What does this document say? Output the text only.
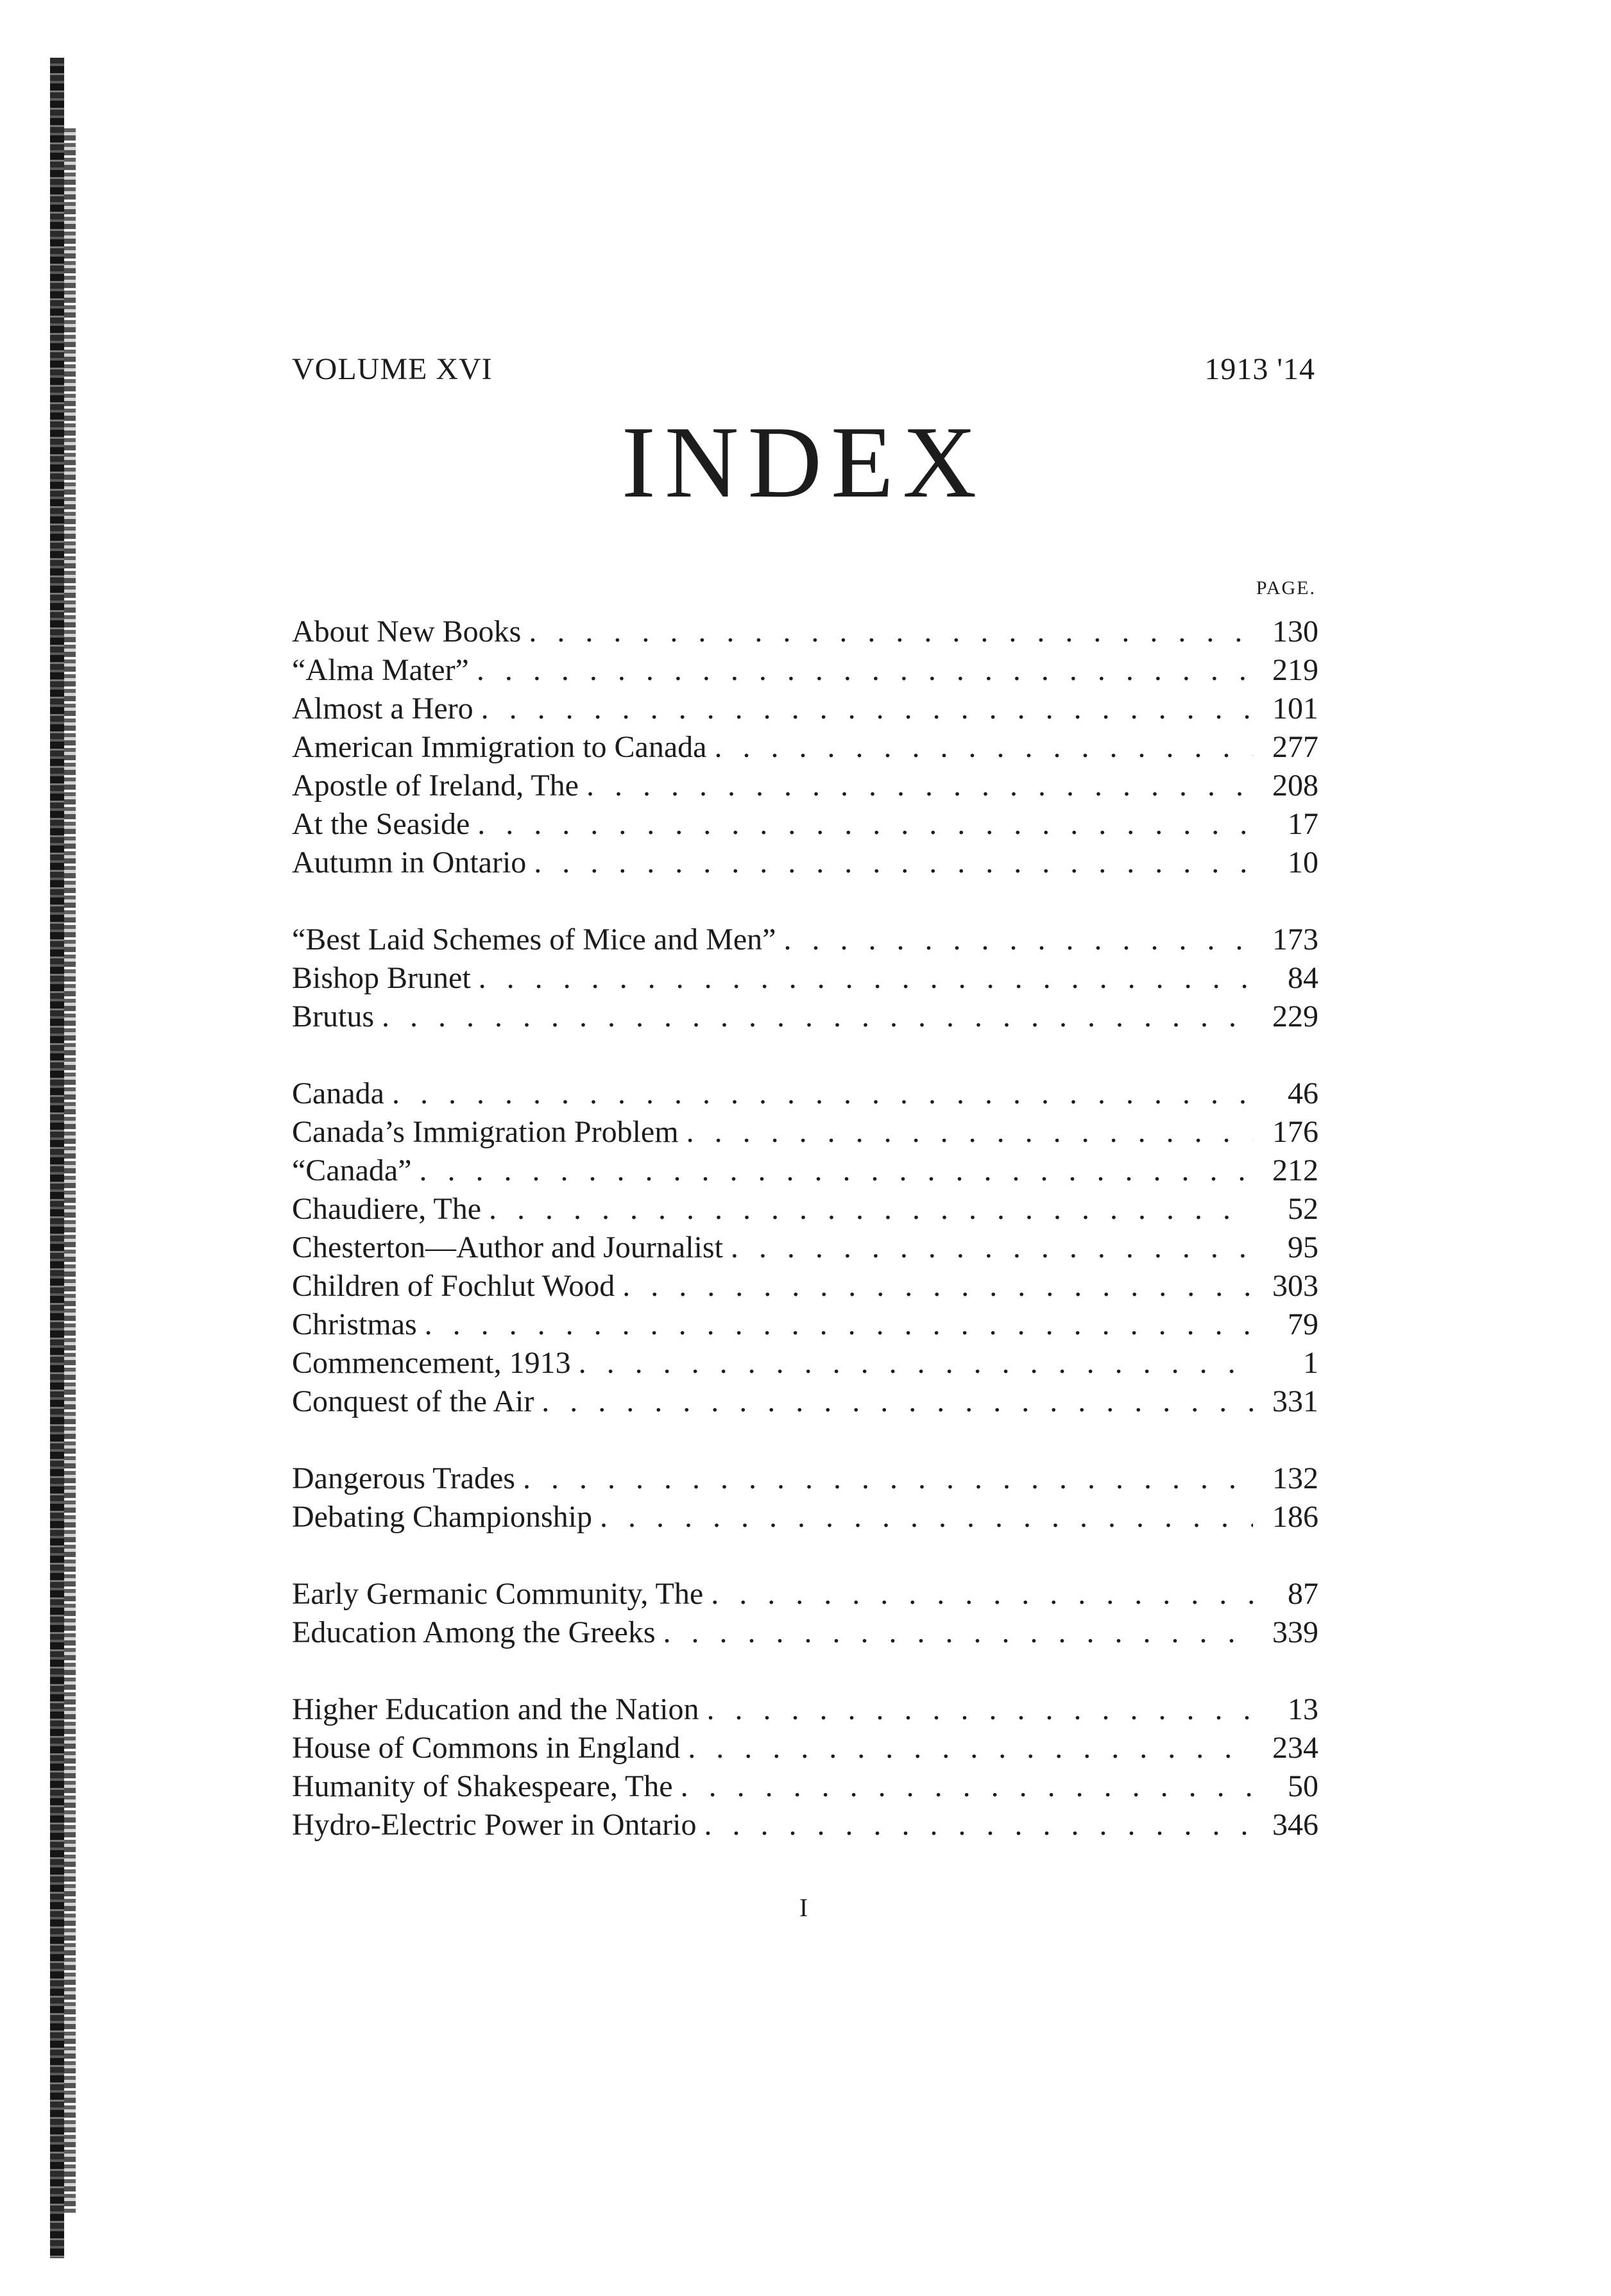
VOLUME XVI	1913 '14
INDEX
PAGE.
About New Books . . .	130
“Alma Mater” . . .	219
Almost a Hero . . .	101
American Immigration to Canada . . .	277
Apostle of Ireland, The . . .	208
At the Seaside . . .	17
Autumn in Ontario . . .	10
“Best Laid Schemes of Mice and Men” . . .	173
Bishop Brunet . . .	84
Brutus . . .	229
Canada . . .	46
Canada’s Immigration Problem . . .	176
“Canada” . . .	212
Chaudiere, The . . .	52
Chesterton—Author and Journalist . . .	95
Children of Fochlut Wood . . .	303
Christmas . . .	79
Commencement, 1913 . . .	1
Conquest of the Air . . .	331
Dangerous Trades . . .	132
Debating Championship . . .	186
Early Germanic Community, The . . .	87
Education Among the Greeks . . .	339
Higher Education and the Nation . . .	13
House of Commons in England . . .	234
Humanity of Shakespeare, The . . .	50
Hydro-Electric Power in Ontario . . .	346
I
